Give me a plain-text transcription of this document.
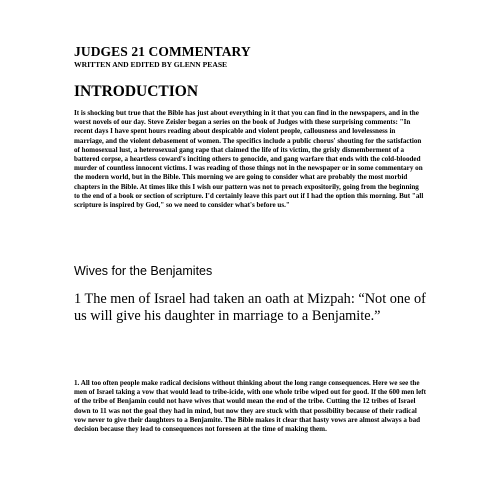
JUDGES 21 COMMENTARY
WRITTEN AND EDITED BY GLENN PEASE
INTRODUCTION

It is shocking but true that the Bible has just about everything in it that you can find in the newspapers, and in the worst novels of our day. Steve Zeisler began a series on the book of Judges with these surprising comments: "In recent days I have spent hours reading about despicable and violent people, callousness and lovelessness in marriage, and the violent debasement of women. The specifics include a public chorus' shouting for the satisfaction of homosexual lust, a heterosexual gang rape that claimed the life of its victim, the grisly dismemberment of a battered corpse, a heartless coward's inciting others to genocide, and gang warfare that ends with the cold-blooded murder of countless innocent victims. I was reading of those things not in the newspaper or in some commentary on the modern world, but in the Bible. This morning we are going to consider what are probably the most morbid chapters in the Bible. At times like this I wish our pattern was not to preach expositorily, going from the beginning to the end of a book or section of scripture. I'd certainly leave this part out if I had the option this morning. But "all scripture is inspired by God," so we need to consider what's before us."

Wives for the Benjamites

1 The men of Israel had taken an oath at Mizpah: “Not one of us will give his daughter in marriage to a Benjamite.”

1. All too often people make radical decisions without thinking about the long range consequences. Here we see the men of Israel taking a vow that would lead to tribe-icide, with one whole tribe wiped out for good. If the 600 men left of the tribe of Benjamin could not have wives that would mean the end of the tribe. Cutting the 12 tribes of Israel down to 11 was not the goal they had in mind, but now they are stuck with that possibility because of their radical vow never to give their daughters to a Benjamite. The Bible makes it clear that hasty vows are almost always a bad decision because they lead to consequences not foreseen at the time of making them.
